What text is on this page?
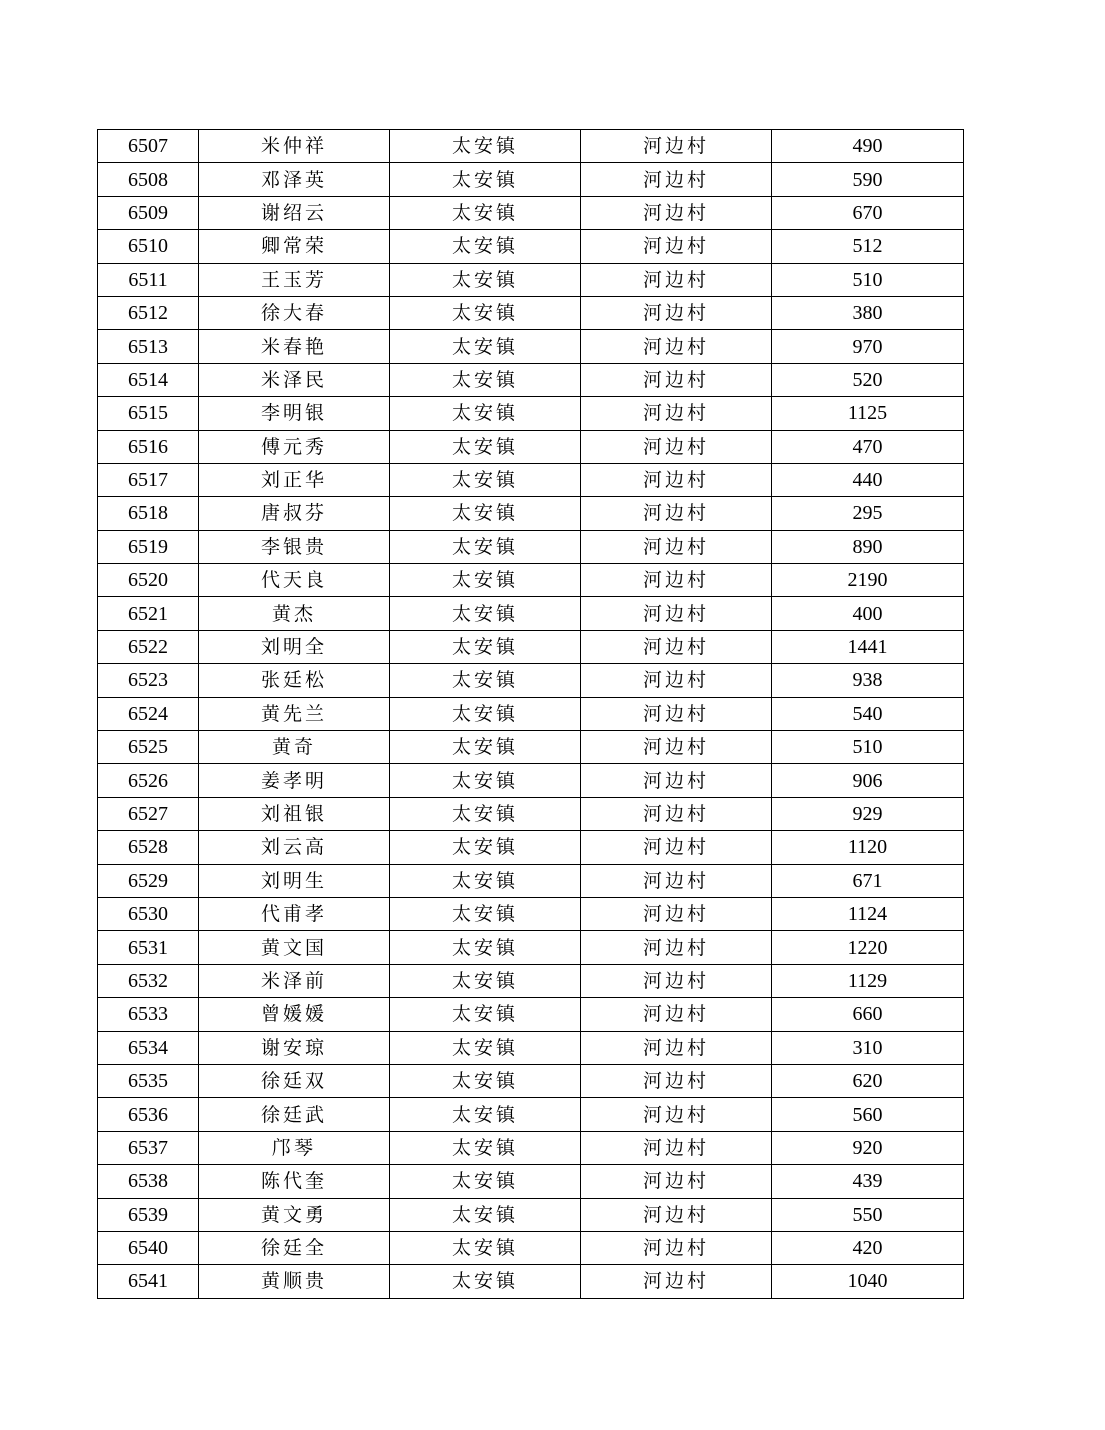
6507	米仲祥	太安镇	河边村	490
6508	邓泽英	太安镇	河边村	590
6509	谢绍云	太安镇	河边村	670
6510	卿常荣	太安镇	河边村	512
6511	王玉芳	太安镇	河边村	510
6512	徐大春	太安镇	河边村	380
6513	米春艳	太安镇	河边村	970
6514	米泽民	太安镇	河边村	520
6515	李明银	太安镇	河边村	1125
6516	傅元秀	太安镇	河边村	470
6517	刘正华	太安镇	河边村	440
6518	唐叔芬	太安镇	河边村	295
6519	李银贵	太安镇	河边村	890
6520	代天良	太安镇	河边村	2190
6521	黄杰	太安镇	河边村	400
6522	刘明全	太安镇	河边村	1441
6523	张廷松	太安镇	河边村	938
6524	黄先兰	太安镇	河边村	540
6525	黄奇	太安镇	河边村	510
6526	姜孝明	太安镇	河边村	906
6527	刘祖银	太安镇	河边村	929
6528	刘云高	太安镇	河边村	1120
6529	刘明生	太安镇	河边村	671
6530	代甫孝	太安镇	河边村	1124
6531	黄文国	太安镇	河边村	1220
6532	米泽前	太安镇	河边村	1129
6533	曾媛媛	太安镇	河边村	660
6534	谢安琼	太安镇	河边村	310
6535	徐廷双	太安镇	河边村	620
6536	徐廷武	太安镇	河边村	560
6537	邝琴	太安镇	河边村	920
6538	陈代奎	太安镇	河边村	439
6539	黄文勇	太安镇	河边村	550
6540	徐廷全	太安镇	河边村	420
6541	黄顺贵	太安镇	河边村	1040
